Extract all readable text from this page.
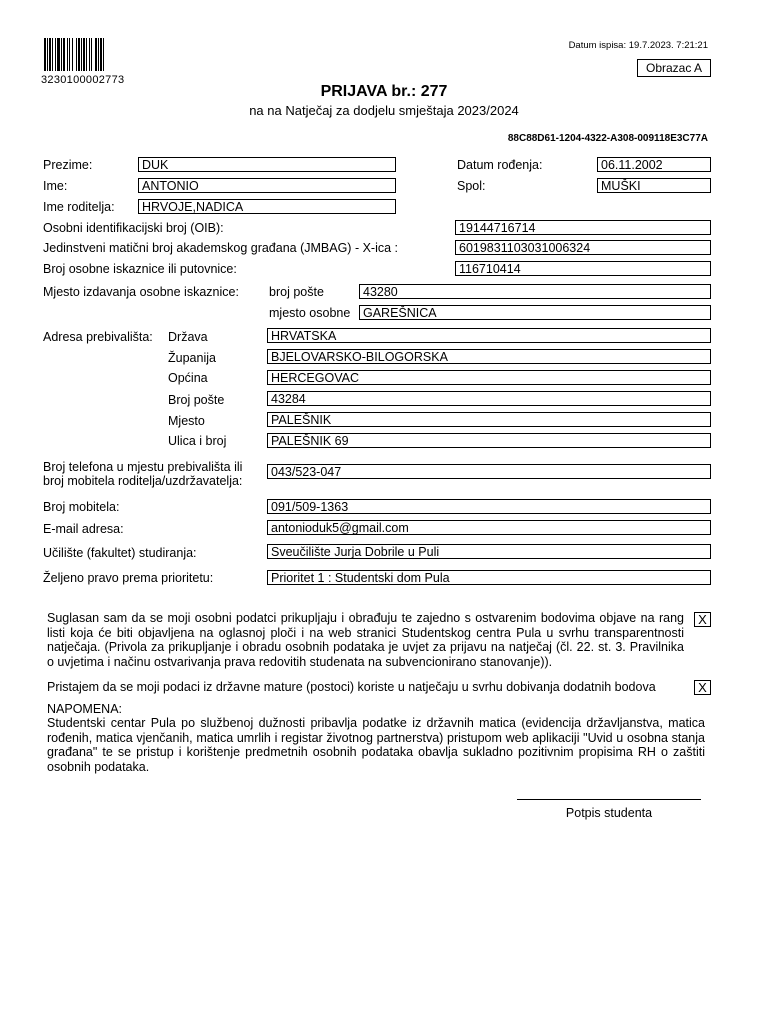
3230100002773
Datum ispisa: 19.7.2023. 7:21:21
Obrazac A
PRIJAVA br.: 277
na na Natječaj za dodjelu smještaja 2023/2024
88C88D61-1204-4322-A308-009118E3C77A
Prezime:	DUK
Ime:	ANTONIO
Ime roditelja:	HRVOJE,NADICA
Datum rođenja:	06.11.2002
Spol:	MUŠKI
Osobni identifikacijski broj (OIB):	19144716714
Jedinstveni matični broj akademskog građana (JMBAG) - X-ica :	6019831103031006324
Broj osobne iskaznice ili putovnice:	116710414
Mjesto izdavanja osobne iskaznice: broj pošte	43280
mjesto osobne	GAREŠNICA
Adresa prebivališta: Država	HRVATSKA
Županija	BJELOVARSKO-BILOGORSKA
Općina	HERCEGOVAC
Broj pošte	43284
Mjesto	PALEŠNIK
Ulica i broj	PALEŠNIK 69
Broj telefona u mjestu prebivališta ili
broj mobitela roditelja/uzdržavatelja:
043/523-047
Broj mobitela:	091/509-1363
E-mail adresa:	antonioduk5@gmail.com
Učilište (fakultet) studiranja:	Sveučilište Jurja Dobrile u Puli
Željeno pravo prema prioritetu:	Prioritet 1 : Studentski dom Pula
Suglasan sam da se moji osobni podatci prikupljaju i obrađuju te zajedno s ostvarenim bodovima objave na rang listi koja će biti objavljena na oglasnoj ploči i na web stranici Studentskog centra Pula u svrhu transparentnosti natječaja. (Privola za prikupljanje i obradu osobnih podataka je uvjet za prijavu na natječaj (čl. 22. st. 3. Pravilnika o uvjetima i načinu ostvarivanja prava redovitih studenata na subvencionirano stanovanje)).
X
Pristajem da se moji podaci iz državne mature (postoci) koriste u natječaju u svrhu dobivanja dodatnih bodova	X
NAPOMENA:
Studentski centar Pula po službenoj dužnosti pribavlja podatke iz državnih matica (evidencija državljanstva, matica rođenih, matica vjenčanih, matica umrlih i registar životnog partnerstva) pristupom web aplikaciji "Uvid u osobna stanja građana" te se pristup i korištenje predmetnih osobnih podataka obavlja sukladno pozitivnim propisima RH o zaštiti osobnih podataka.
Potpis studenta
